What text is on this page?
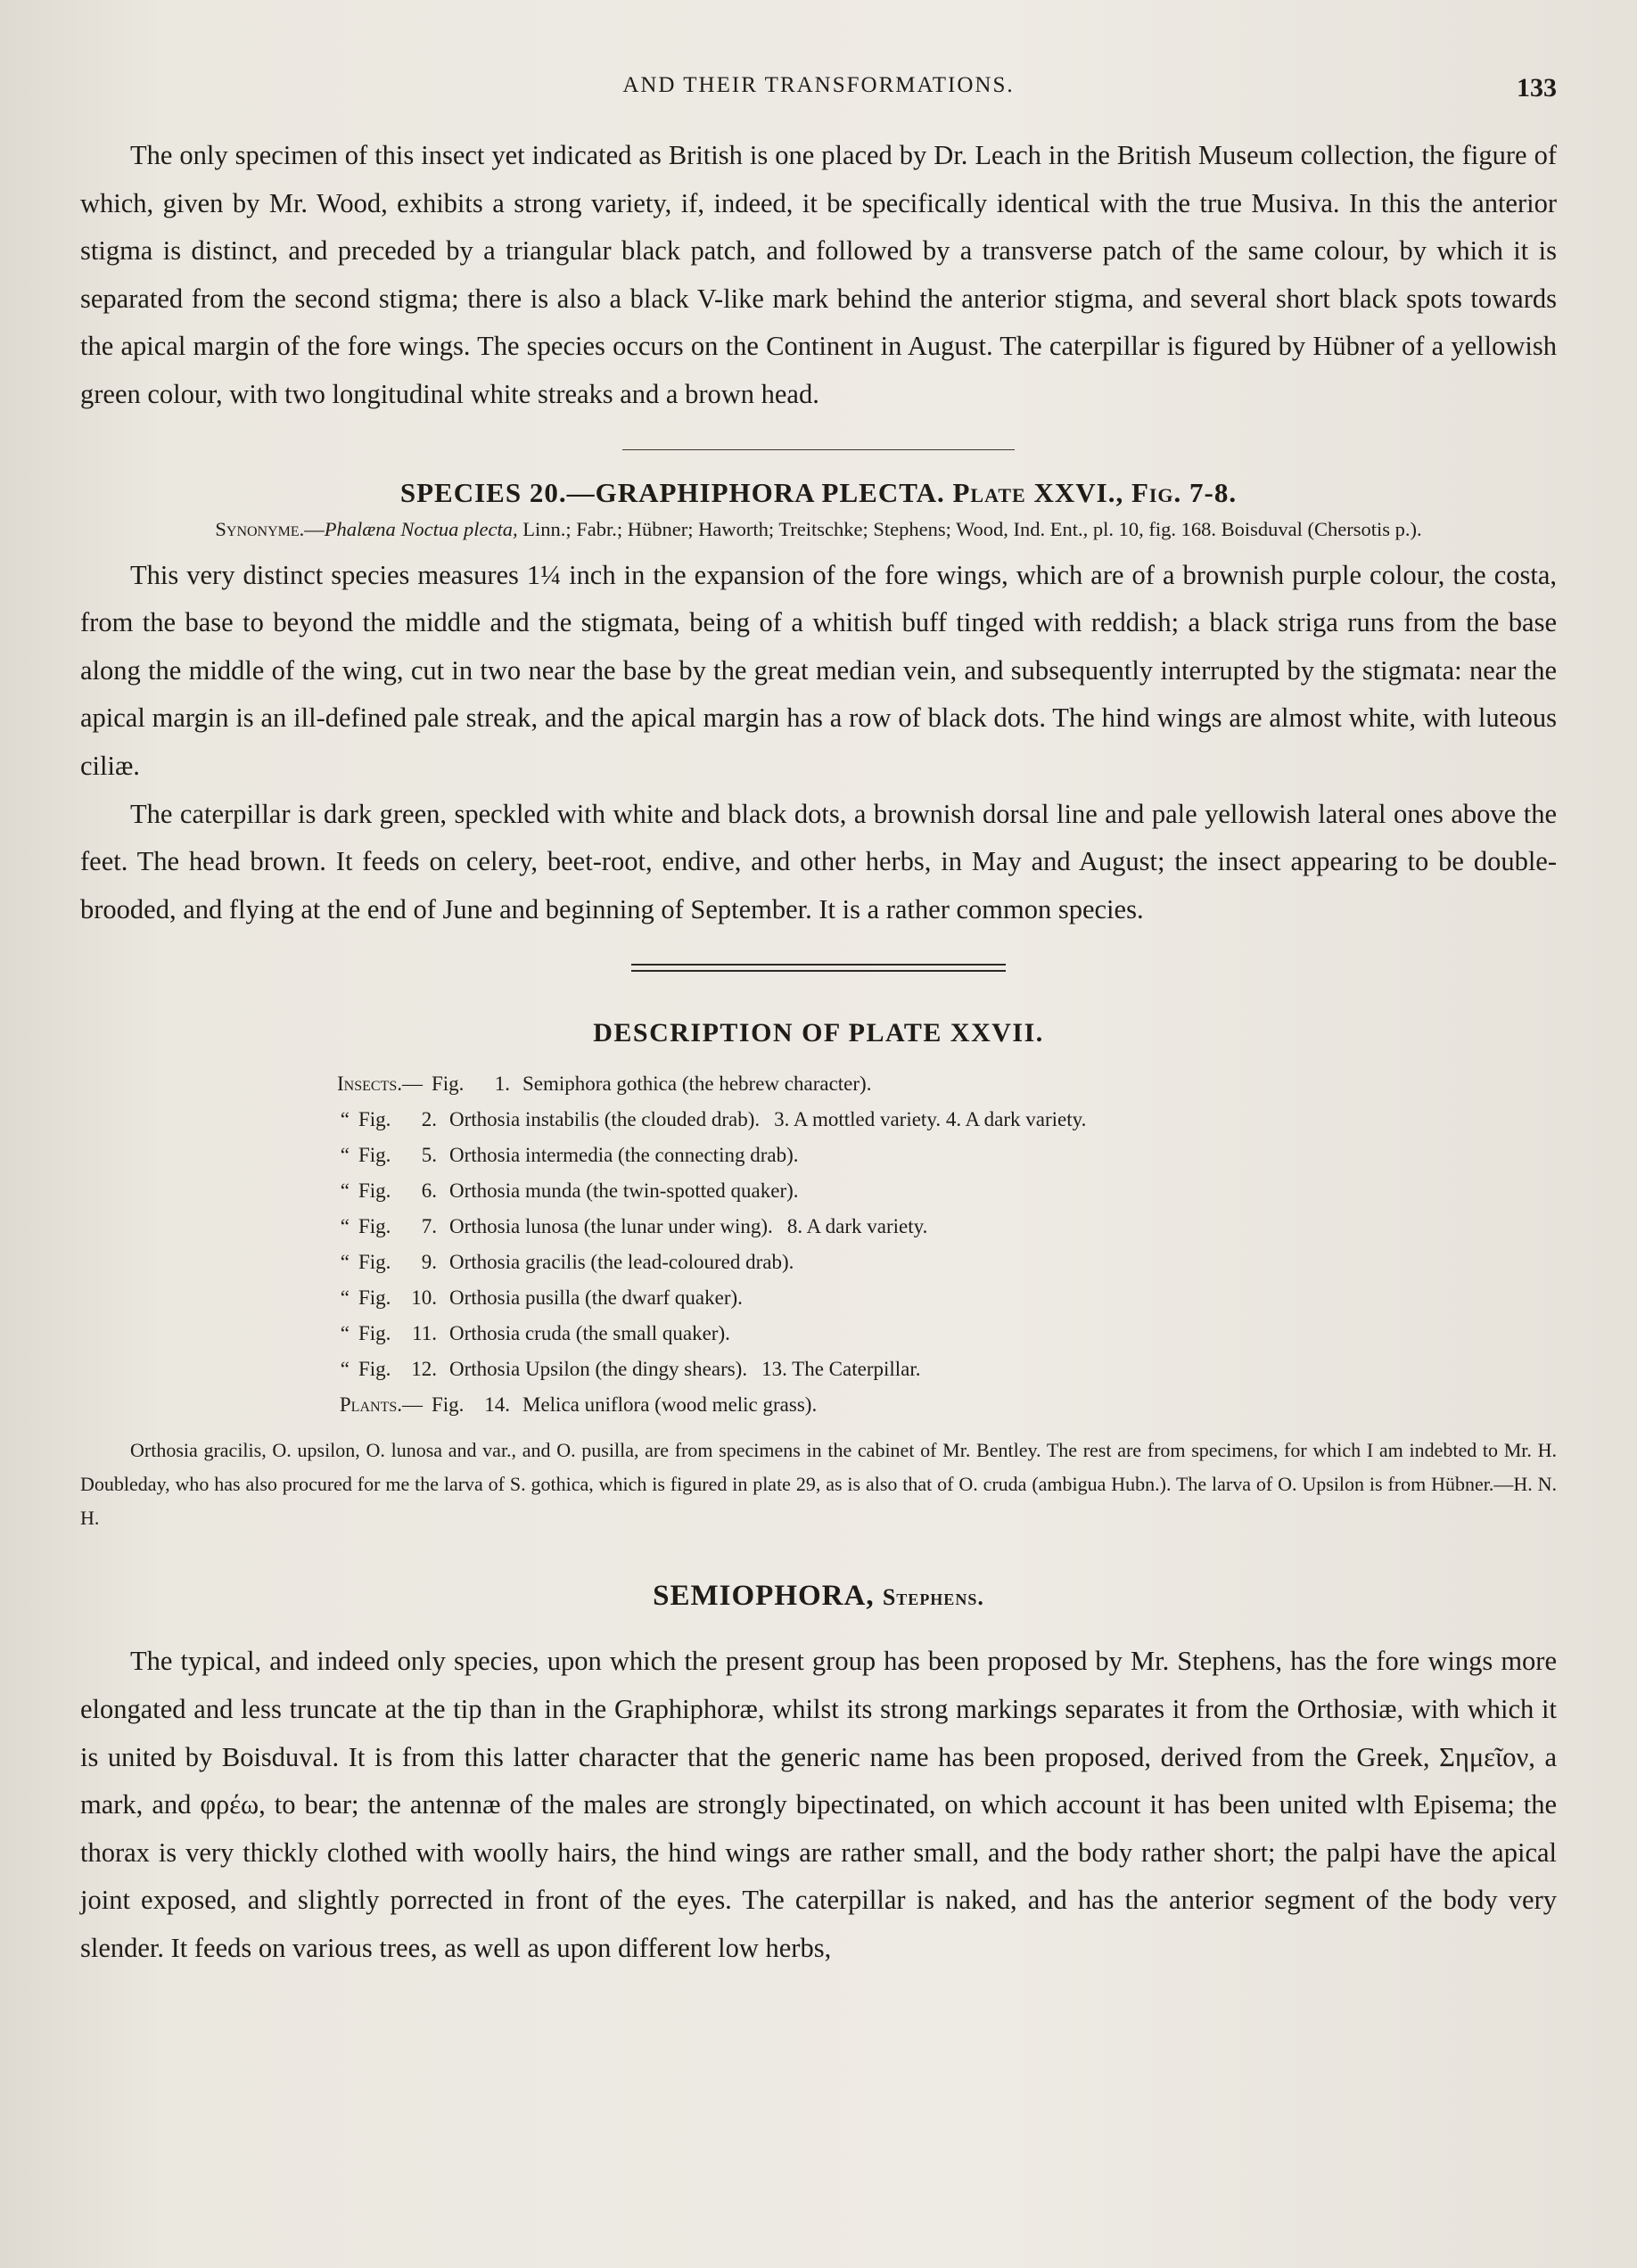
AND THEIR TRANSFORMATIONS.	133

The only specimen of this insect yet indicated as British is one placed by Dr. Leach in the British Museum collection, the figure of which, given by Mr. Wood, exhibits a strong variety, if, indeed, it be specifically identical with the true Musiva. In this the anterior stigma is distinct, and preceded by a triangular black patch, and followed by a transverse patch of the same colour, by which it is separated from the second stigma; there is also a black V-like mark behind the anterior stigma, and several short black spots towards the apical margin of the fore wings. The species occurs on the Continent in August. The caterpillar is figured by Hübner of a yellowish green colour, with two longitudinal white streaks and a brown head.

SPECIES 20.—GRAPHIPHORA PLECTA. Plate XXVI., Fig. 7-8.
Synonyme.—Phalæna Noctua plecta, Linn.; Fabr.; Hübner; Haworth; Treitschke; Stephens; Wood, Ind. Ent., pl. 10, fig. 168. Boisduval (Chersotis p.).

This very distinct species measures 1¼ inch in the expansion of the fore wings, which are of a brownish purple colour, the costa, from the base to beyond the middle and the stigmata, being of a whitish buff tinged with reddish; a black striga runs from the base along the middle of the wing, cut in two near the base by the great median vein, and subsequently interrupted by the stigmata: near the apical margin is an ill-defined pale streak, and the apical margin has a row of black dots. The hind wings are almost white, with luteous ciliæ.

The caterpillar is dark green, speckled with white and black dots, a brownish dorsal line and pale yellowish lateral ones above the feet. The head brown. It feeds on celery, beet-root, endive, and other herbs, in May and August; the insect appearing to be double-brooded, and flying at the end of June and beginning of September. It is a rather common species.

DESCRIPTION OF PLATE XXVII.
Insects.— Fig. 1. Semiphora gothica (the hebrew character).
“ Fig. 2. Orthosia instabilis (the clouded drab). 3. A mottled variety. 4. A dark variety.
“ Fig. 5. Orthosia intermedia (the connecting drab).
“ Fig. 6. Orthosia munda (the twin-spotted quaker).
“ Fig. 7. Orthosia lunosa (the lunar under wing). 8. A dark variety.
“ Fig. 9. Orthosia gracilis (the lead-coloured drab).
“ Fig. 10. Orthosia pusilla (the dwarf quaker).
“ Fig. 11. Orthosia cruda (the small quaker).
“ Fig. 12. Orthosia Upsilon (the dingy shears). 13. The Caterpillar.
Plants.— Fig. 14. Melica uniflora (wood melic grass).

Orthosia gracilis, O. upsilon, O. lunosa and var., and O. pusilla, are from specimens in the cabinet of Mr. Bentley. The rest are from specimens, for which I am indebted to Mr. H. Doubleday, who has also procured for me the larva of S. gothica, which is figured in plate 29, as is also that of O. cruda (ambigua Hubn.). The larva of O. Upsilon is from Hübner.—H. N. H.

SEMIOPHORA, Stephens.

The typical, and indeed only species, upon which the present group has been proposed by Mr. Stephens, has the fore wings more elongated and less truncate at the tip than in the Graphiphoræ, whilst its strong markings separates it from the Orthosiæ, with which it is united by Boisduval. It is from this latter character that the generic name has been proposed, derived from the Greek, Σημεῖον, a mark, and φρέω, to bear; the antennæ of the males are strongly bipectinated, on which account it has been united wlth Episema; the thorax is very thickly clothed with woolly hairs, the hind wings are rather small, and the body rather short; the palpi have the apical joint exposed, and slightly porrected in front of the eyes. The caterpillar is naked, and has the anterior segment of the body very slender. It feeds on various trees, as well as upon different low herbs,
